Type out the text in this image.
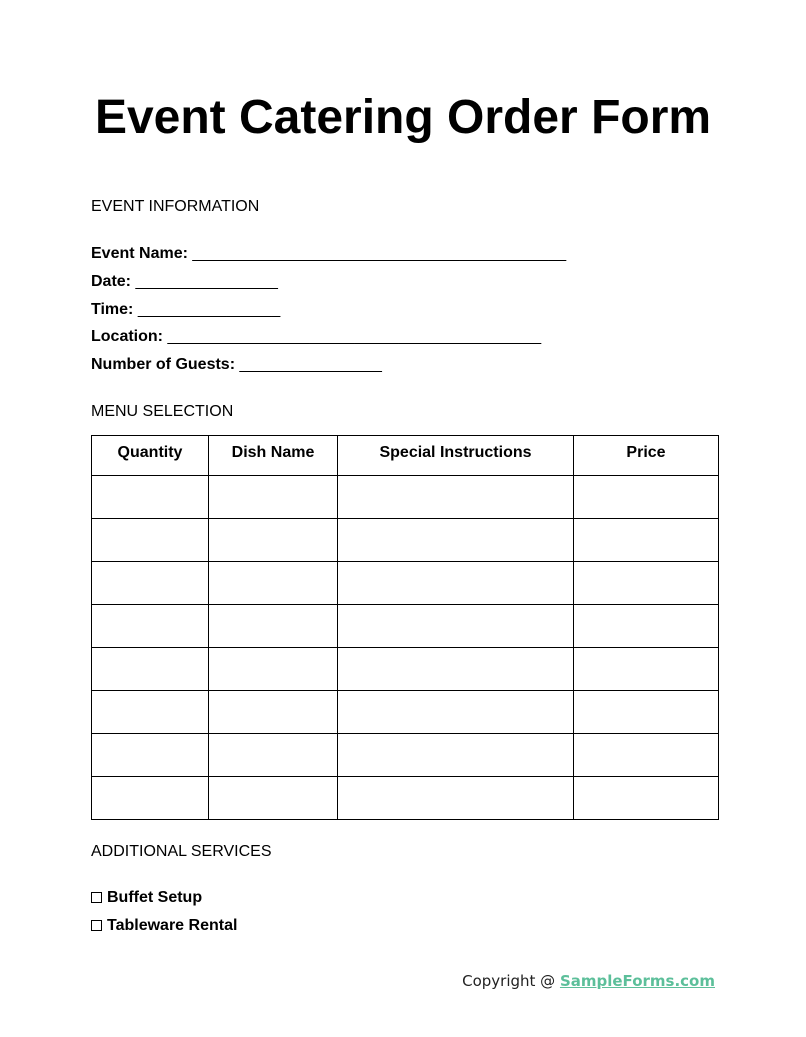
Event Catering Order Form
EVENT INFORMATION
Event Name: __________________________________________
Date: ________________
Time: ________________
Location: __________________________________________
Number of Guests: ________________
MENU SELECTION
Quantity	Dish Name	Special Instructions	Price

ADDITIONAL SERVICES
Buffet Setup
Tableware Rental
Copyright @ SampleForms.com
